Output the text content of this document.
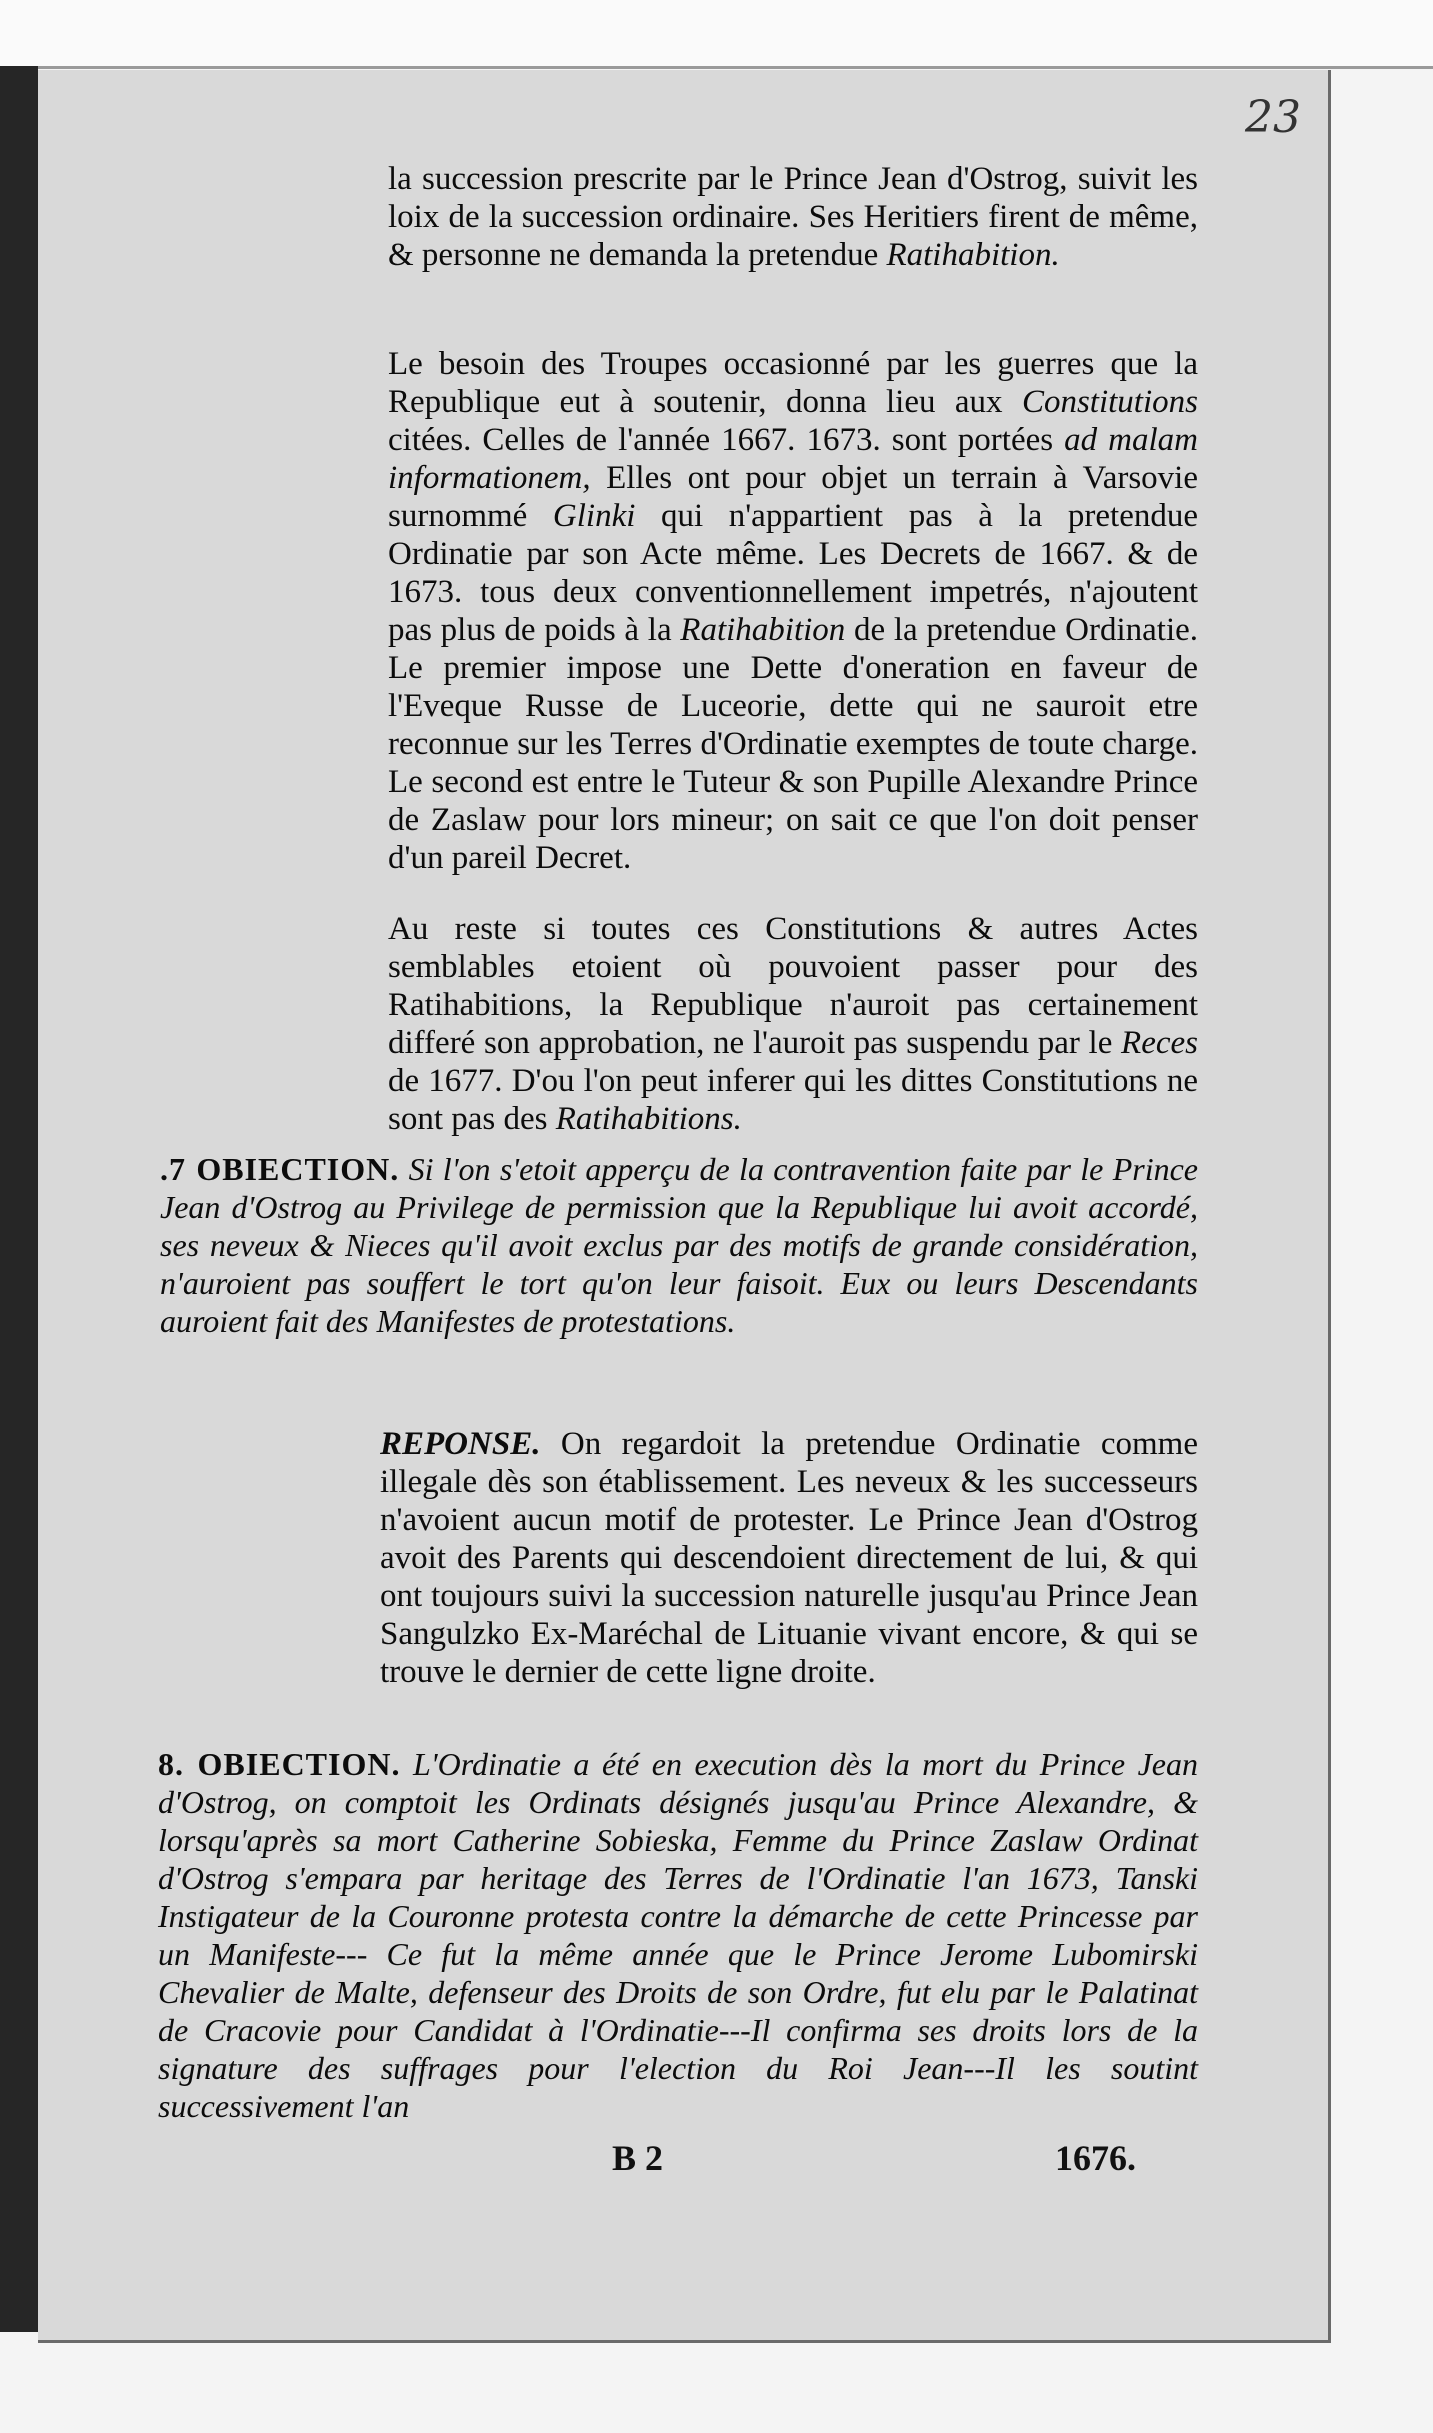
23

la succession prescrite par le Prince Jean d'Ostrog, suivit les loix de la succession ordinaire. Ses Heritiers firent de même, & personne ne demanda la pretendue Ratihabition.

Le besoin des Troupes occasionné par les guerres que la Republique eut à soutenir, donna lieu aux Constitutions citées. Celles de l'année 1667. 1673. sont portées ad malam informationem, Elles ont pour objet un terrain à Varsovie surnommé Glinki qui n'appartient pas à la pretendue Ordinatie par son Acte même. Les Decrets de 1667. & de 1673. tous deux conventionnellement impetrés, n'ajoutent pas plus de poids à la Ratihabition de la pretendue Ordinatie. Le premier impose une Dette d'oneration en faveur de l'Eveque Russe de Luceorie, dette qui ne sauroit etre reconnue sur les Terres d'Ordinatie exemptes de toute charge. Le second est entre le Tuteur & son Pupille Alexandre Prince de Zaslaw pour lors mineur; on sait ce que l'on doit penser d'un pareil Decret.

Au reste si toutes ces Constitutions & autres Actes semblables etoient où pouvoient passer pour des Ratihabitions, la Republique n'auroit pas certainement differé son approbation, ne l'auroit pas suspendu par le Reces de 1677. D'ou l'on peut inferer qui les dittes Constitutions ne sont pas des Ratihabitions.

.7 OBIECTION. Si l'on s'etoit apperçu de la contravention faite par le Prince Jean d'Ostrog au Privilege de permission que la Republique lui avoit accordé, ses neveux & Nieces qu'il avoit exclus par des motifs de grande considération, n'auroient pas souffert le tort qu'on leur faisoit. Eux ou leurs Descendants auroient fait des Manifestes de protestations.

REPONSE. On regardoit la pretendue Ordinatie comme illegale dès son établissement. Les neveux & les successeurs n'avoient aucun motif de protester. Le Prince Jean d'Ostrog avoit des Parents qui descendoient directement de lui, & qui ont toujours suivi la succession naturelle jusqu'au Prince Jean Sangulzko Ex-Maréchal de Lituanie vivant encore, & qui se trouve le dernier de cette ligne droite.

8. OBIECTION. L'Ordinatie a été en execution dès la mort du Prince Jean d'Ostrog, on comptoit les Ordinats désignés jusqu'au Prince Alexandre, & lorsqu'après sa mort Catherine Sobieska, Femme du Prince Zaslaw Ordinat d'Ostrog s'empara par heritage des Terres de l'Ordinatie l'an 1673, Tanski Instigateur de la Couronne protesta contre la démarche de cette Princesse par un Manifeste--- Ce fut la même année que le Prince Jerome Lubomirski Chevalier de Malte, defenseur des Droits de son Ordre, fut elu par le Palatinat de Cracovie pour Candidat à l'Ordinatie---Il confirma ses droits lors de la signature des suffrages pour l'election du Roi Jean---Il les soutint successivement l'an

B 2	1676.
